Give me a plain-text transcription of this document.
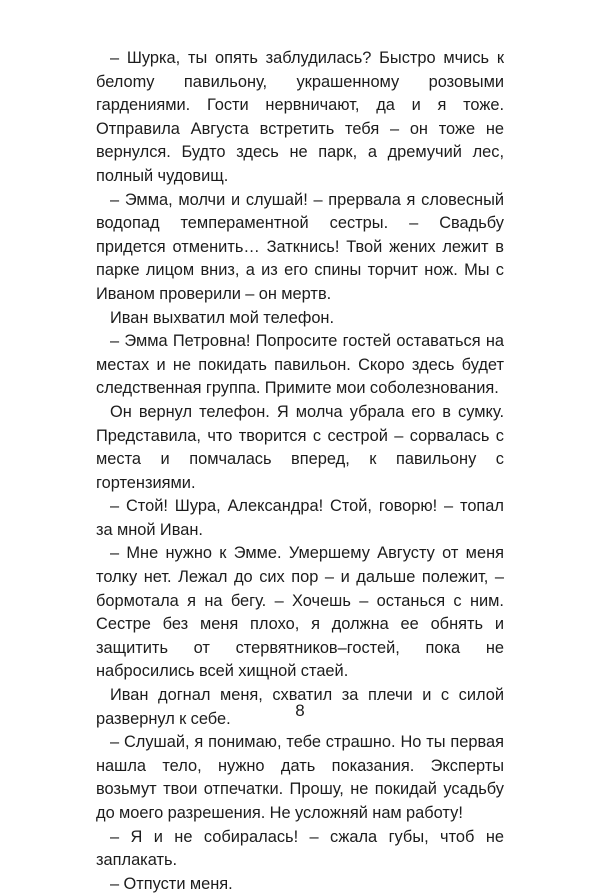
– Шурка, ты опять заблудилась? Быстро мчись к белоmу павильону, украшенному розовыми гардениями. Гости нервничают, да и я тоже. Отправила Августа встретить тебя – он тоже не вернулся. Будто здесь не парк, а дремучий лес, полный чудовищ.

– Эмма, молчи и слушай! – прервала я словесный водопад темпераментной сестры. – Свадьбу придется отменить… Заткнись! Твой жених лежит в парке лицом вниз, а из его спины торчит нож. Мы с Иваном проверили – он мертв.

Иван выхватил мой телефон.

– Эмма Петровна! Попросите гостей оставаться на местах и не покидать павильон. Скоро здесь будет следственная группа. Примите мои соболезнования.

Он вернул телефон. Я молча убрала его в сумку. Представила, что творится с сестрой – сорвалась с места и помчалась вперед, к павильону с гортензиями.

– Стой! Шура, Александра! Стой, говорю! – топал за мной Иван.

– Мне нужно к Эмме. Умершему Августу от меня толку нет. Лежал до сих пор – и дальше полежит, – бормотала я на бегу. – Хочешь – останься с ним. Сестре без меня плохо, я должна ее обнять и защитить от стервятников–гостей, пока не набросились всей хищной стаей.

Иван догнал меня, схватил за плечи и с силой развернул к себе.

– Слушай, я понимаю, тебе страшно. Но ты первая нашла тело, нужно дать показания. Эксперты возьмут твои отпечатки. Прошу, не покидай усадьбу до моего разрешения. Не усложняй нам работу!

– Я и не собиралась! – сжала губы, чтоб не заплакать.

– Отпусти меня.

8
